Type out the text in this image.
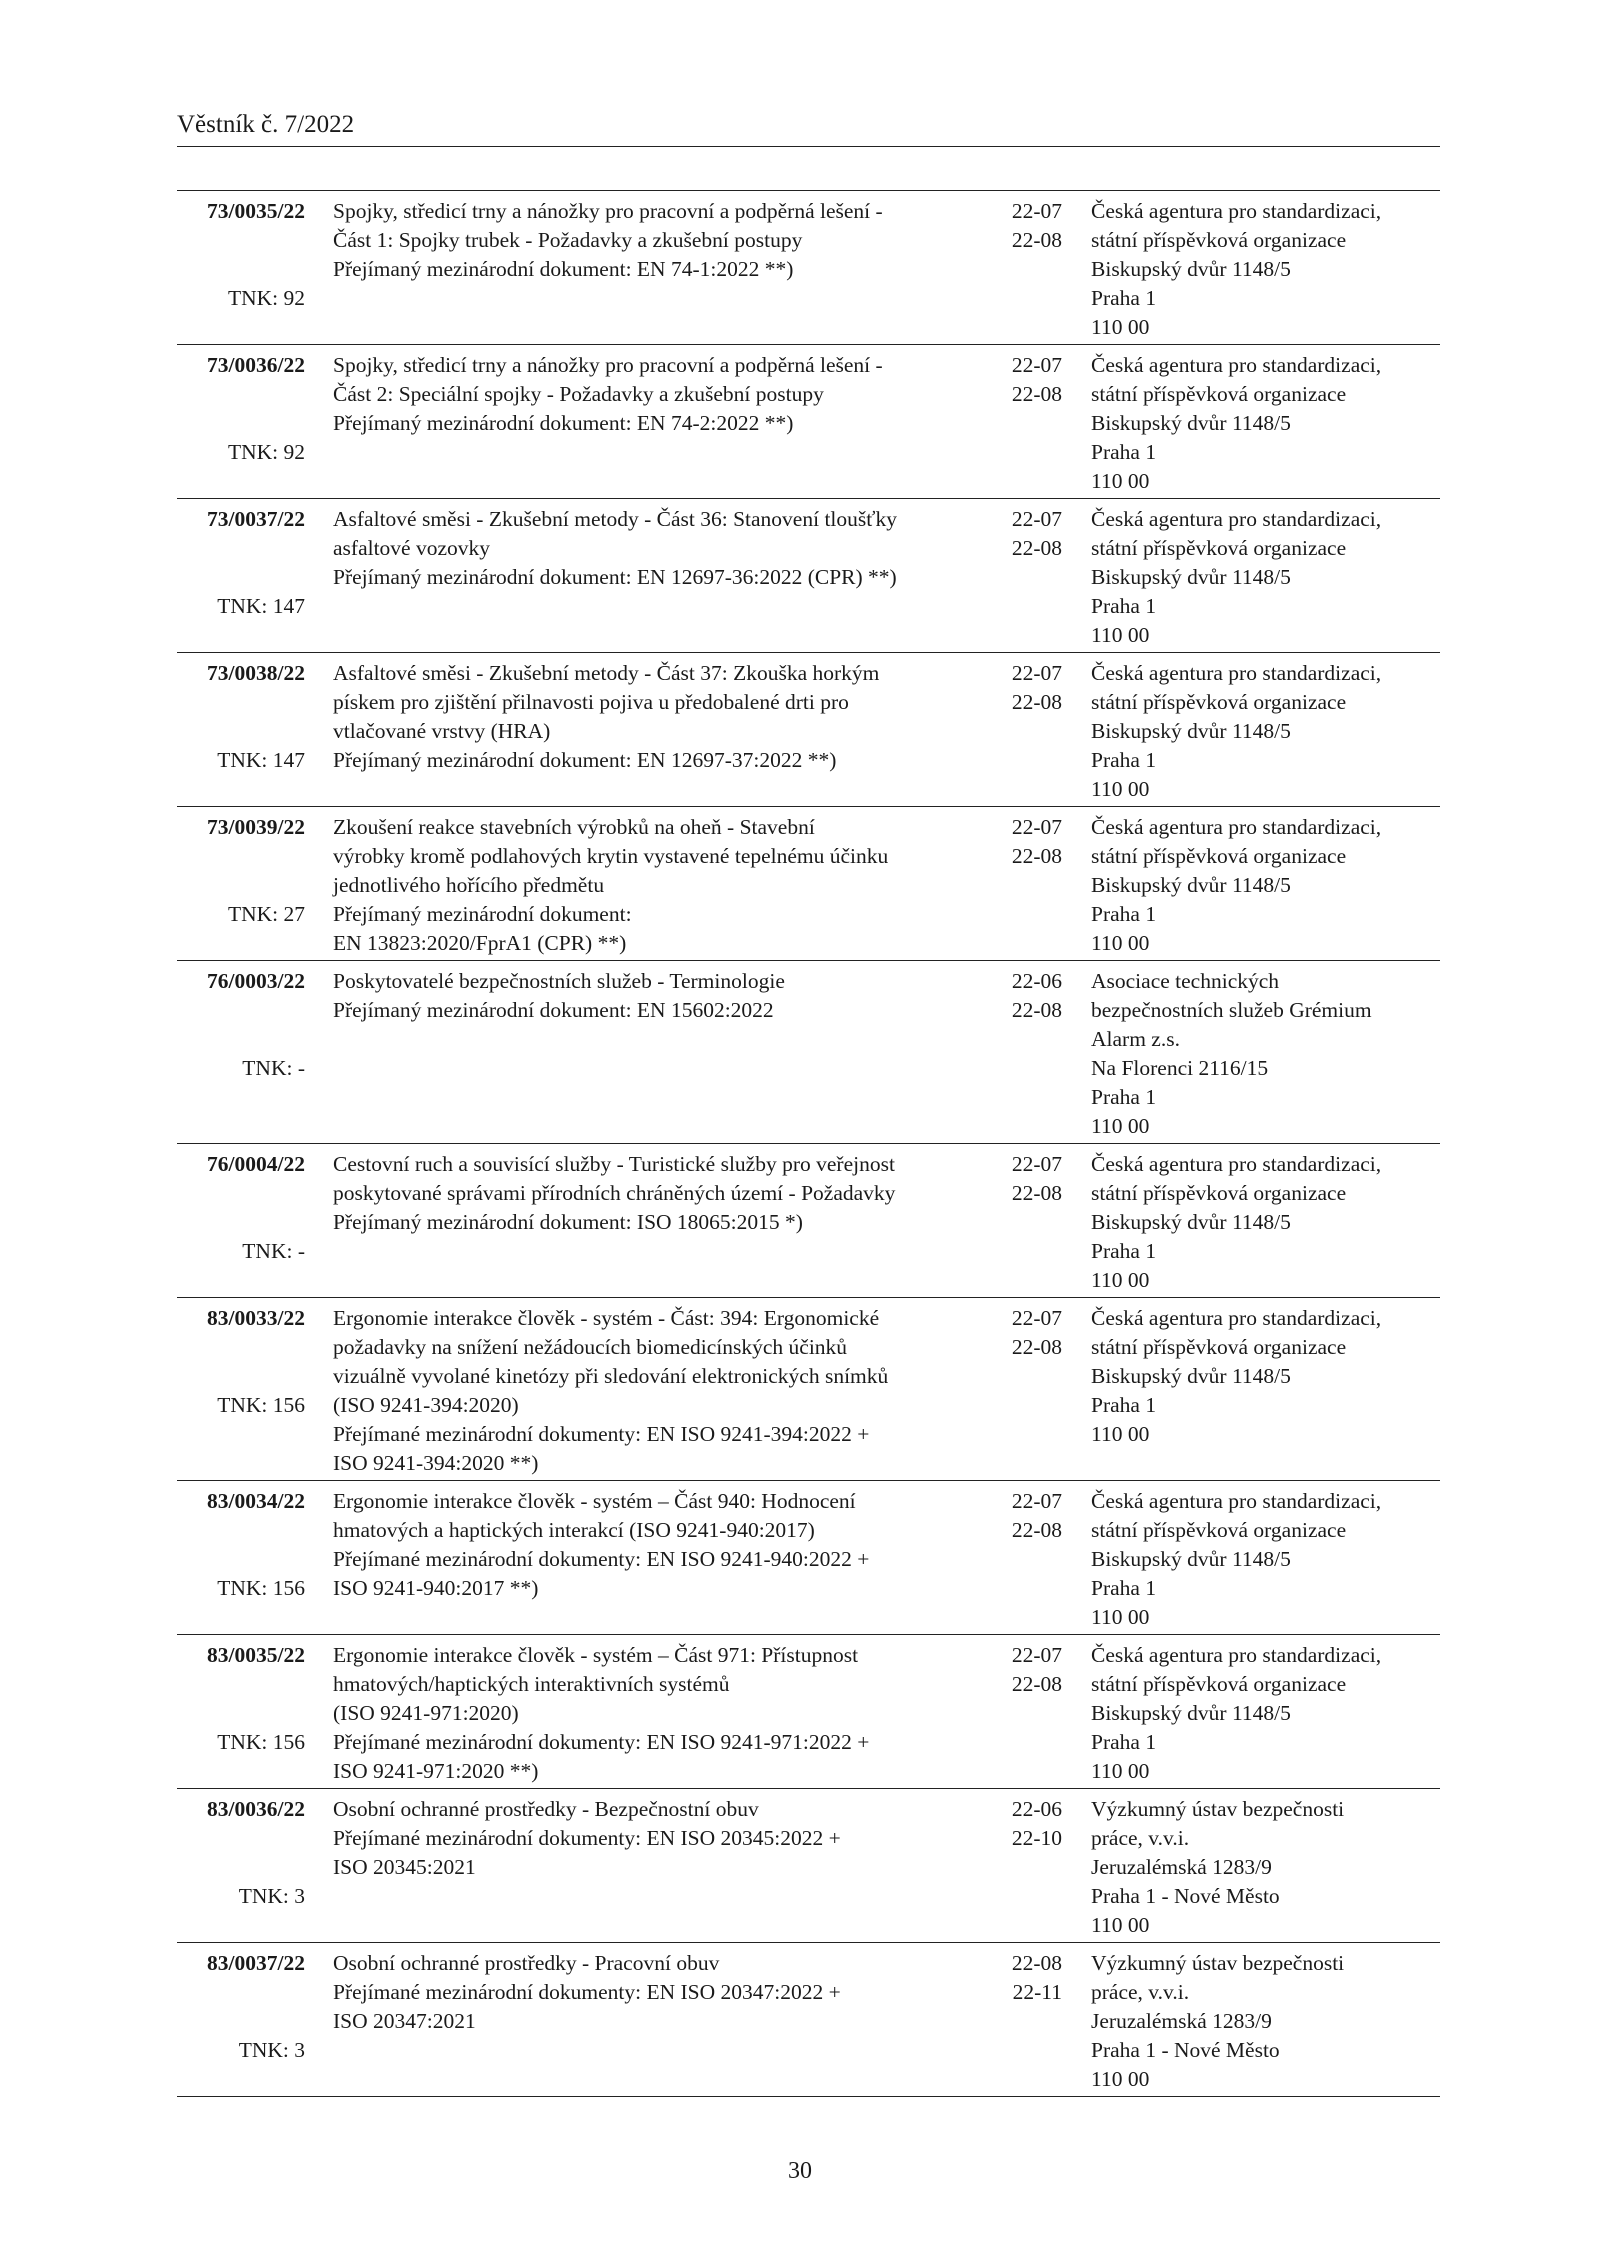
Věstník č. 7/2022
73/0035/22
TNK: 92
Spojky, středicí trny a nánožky pro pracovní a podpěrná lešení -
Část 1: Spojky trubek - Požadavky a zkušební postupy
Přejímaný mezinárodní dokument: EN 74-1:2022 **)
22-07
22-08
Česká agentura pro standardizaci,
státní příspěvková organizace
Biskupský dvůr 1148/5
Praha 1
110 00
73/0036/22
TNK: 92
Spojky, středicí trny a nánožky pro pracovní a podpěrná lešení -
Část 2: Speciální spojky - Požadavky a zkušební postupy
Přejímaný mezinárodní dokument: EN 74-2:2022 **)
22-07
22-08
Česká agentura pro standardizaci,
státní příspěvková organizace
Biskupský dvůr 1148/5
Praha 1
110 00
73/0037/22
TNK: 147
Asfaltové směsi - Zkušební metody - Část 36: Stanovení tloušťky
asfaltové vozovky
Přejímaný mezinárodní dokument: EN 12697-36:2022 (CPR) **)
22-07
22-08
Česká agentura pro standardizaci,
státní příspěvková organizace
Biskupský dvůr 1148/5
Praha 1
110 00
73/0038/22
TNK: 147
Asfaltové směsi - Zkušební metody - Část 37: Zkouška horkým
pískem pro zjištění přilnavosti pojiva u předobalené drti pro
vtlačované vrstvy (HRA)
Přejímaný mezinárodní dokument: EN 12697-37:2022 **)
22-07
22-08
Česká agentura pro standardizaci,
státní příspěvková organizace
Biskupský dvůr 1148/5
Praha 1
110 00
73/0039/22
TNK: 27
Zkoušení reakce stavebních výrobků na oheň - Stavební
výrobky kromě podlahových krytin vystavené tepelnému účinku
jednotlivého hořícího předmětu
Přejímaný mezinárodní dokument:
EN 13823:2020/FprA1 (CPR) **)
22-07
22-08
Česká agentura pro standardizaci,
státní příspěvková organizace
Biskupský dvůr 1148/5
Praha 1
110 00
76/0003/22
TNK: -
Poskytovatelé bezpečnostních služeb - Terminologie
Přejímaný mezinárodní dokument: EN 15602:2022
22-06
22-08
Asociace technických
bezpečnostních služeb Grémium
Alarm z.s.
Na Florenci 2116/15
Praha 1
110 00
76/0004/22
TNK: -
Cestovní ruch a souvisící služby - Turistické služby pro veřejnost
poskytované správami přírodních chráněných území - Požadavky
Přejímaný mezinárodní dokument: ISO 18065:2015 *)
22-07
22-08
Česká agentura pro standardizaci,
státní příspěvková organizace
Biskupský dvůr 1148/5
Praha 1
110 00
83/0033/22
TNK: 156
Ergonomie interakce člověk - systém - Část: 394: Ergonomické
požadavky na snížení nežádoucích biomedicínských účinků
vizuálně vyvolané kinetózy při sledování elektronických snímků
(ISO 9241-394:2020)
Přejímané mezinárodní dokumenty: EN ISO 9241-394:2022 +
ISO 9241-394:2020 **)
22-07
22-08
Česká agentura pro standardizaci,
státní příspěvková organizace
Biskupský dvůr 1148/5
Praha 1
110 00
83/0034/22
TNK: 156
Ergonomie interakce člověk - systém – Část 940: Hodnocení
hmatových a haptických interakcí (ISO 9241-940:2017)
Přejímané mezinárodní dokumenty: EN ISO 9241-940:2022 +
ISO 9241-940:2017 **)
22-07
22-08
Česká agentura pro standardizaci,
státní příspěvková organizace
Biskupský dvůr 1148/5
Praha 1
110 00
83/0035/22
TNK: 156
Ergonomie interakce člověk - systém – Část 971: Přístupnost
hmatových/haptických interaktivních systémů
(ISO 9241-971:2020)
Přejímané mezinárodní dokumenty: EN ISO 9241-971:2022 +
ISO 9241-971:2020 **)
22-07
22-08
Česká agentura pro standardizaci,
státní příspěvková organizace
Biskupský dvůr 1148/5
Praha 1
110 00
83/0036/22
TNK: 3
Osobní ochranné prostředky - Bezpečnostní obuv
Přejímané mezinárodní dokumenty: EN ISO 20345:2022 +
ISO 20345:2021
22-06
22-10
Výzkumný ústav bezpečnosti
práce, v.v.i.
Jeruzalémská 1283/9
Praha 1 - Nové Město
110 00
83/0037/22
TNK: 3
Osobní ochranné prostředky - Pracovní obuv
Přejímané mezinárodní dokumenty: EN ISO 20347:2022 +
ISO 20347:2021
22-08
22-11
Výzkumný ústav bezpečnosti
práce, v.v.i.
Jeruzalémská 1283/9
Praha 1 - Nové Město
110 00
30
